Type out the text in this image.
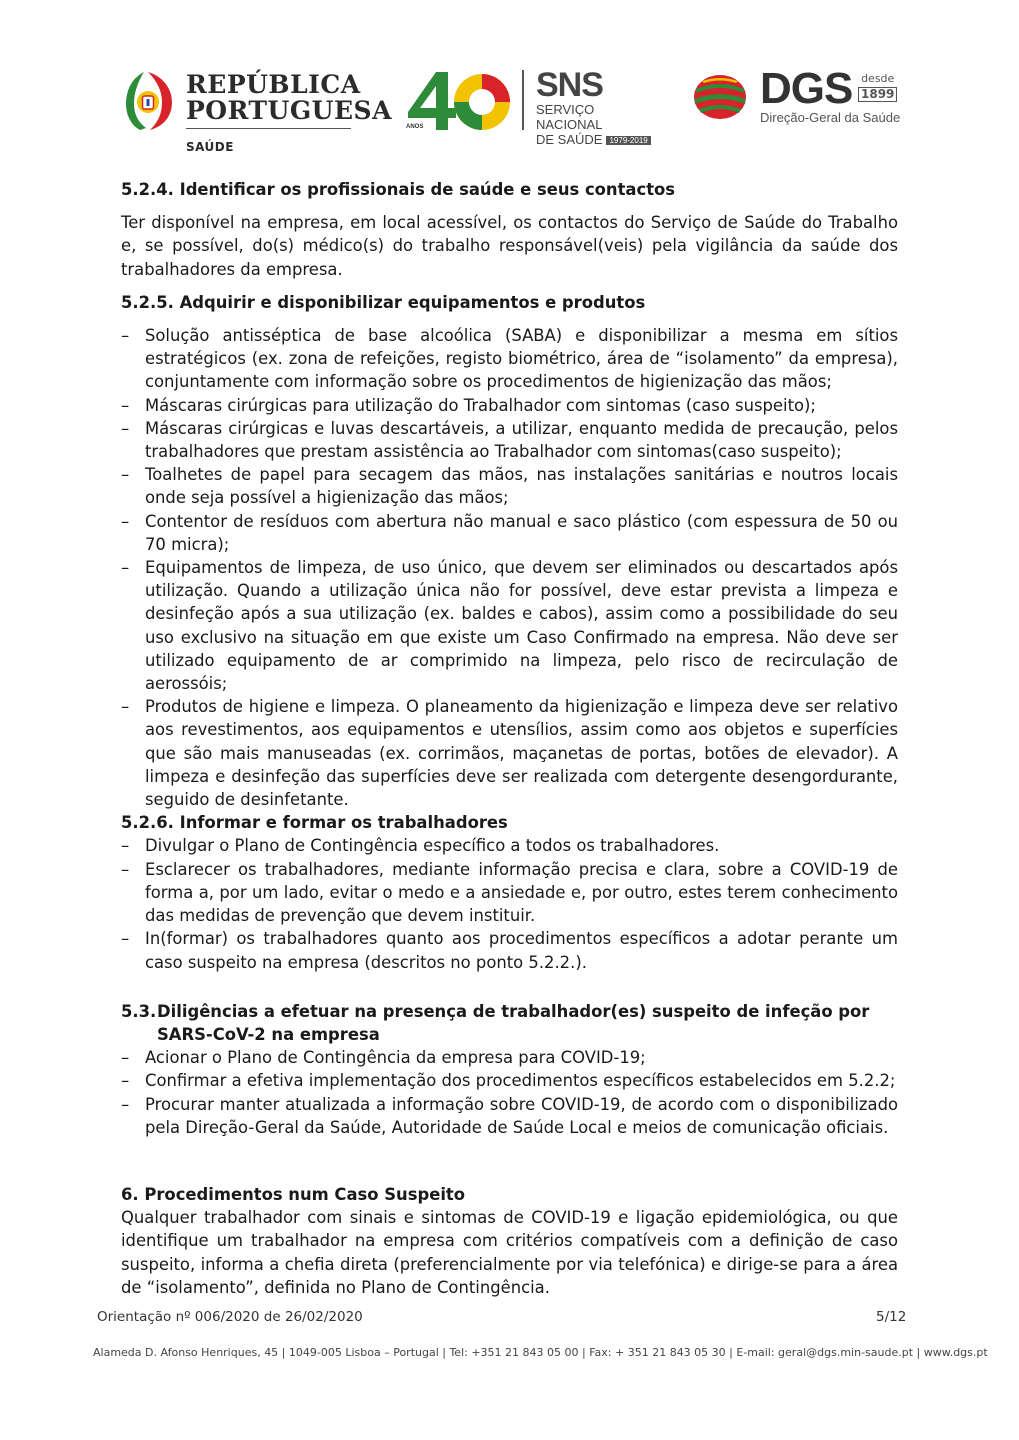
REPÚBLICA
PORTUGUESA
SAÚDE
ANOS
SNS
SERVIÇO NACIONAL
DE SAÚDE 1979-2019
DGS desde
1899
Direção-Geral da Saúde
5.2.4. Identificar os profissionais de saúde e seus contactos

Ter disponível na empresa, em local acessível, os contactos do Serviço de Saúde do Trabalho e, se possível, do(s) médico(s) do trabalho responsável(veis) pela vigilância da saúde dos trabalhadores da empresa.

5.2.5. Adquirir e disponibilizar equipamentos e produtos
– Solução antisséptica de base alcoólica (SABA) e disponibilizar a mesma em sítios estratégicos (ex. zona de refeições, registo biométrico, área de “isolamento” da empresa), conjuntamente com informação sobre os procedimentos de higienização das mãos;
– Máscaras cirúrgicas para utilização do Trabalhador com sintomas (caso suspeito);
– Máscaras cirúrgicas e luvas descartáveis, a utilizar, enquanto medida de precaução, pelos trabalhadores que prestam assistência ao Trabalhador com sintomas(caso suspeito);
– Toalhetes de papel para secagem das mãos, nas instalações sanitárias e noutros locais onde seja possível a higienização das mãos;
– Contentor de resíduos com abertura não manual e saco plástico (com espessura de 50 ou 70 micra);
– Equipamentos de limpeza, de uso único, que devem ser eliminados ou descartados após utilização. Quando a utilização única não for possível, deve estar prevista a limpeza e desinfeção após a sua utilização (ex. baldes e cabos), assim como a possibilidade do seu uso exclusivo na situação em que existe um Caso Confirmado na empresa. Não deve ser utilizado equipamento de ar comprimido na limpeza, pelo risco de recirculação de aerossóis;
– Produtos de higiene e limpeza. O planeamento da higienização e limpeza deve ser relativo aos revestimentos, aos equipamentos e utensílios, assim como aos objetos e superfícies que são mais manuseadas (ex. corrimãos, maçanetas de portas, botões de elevador). A limpeza e desinfeção das superfícies deve ser realizada com detergente desengordurante, seguido de desinfetante.
5.2.6. Informar e formar os trabalhadores
– Divulgar o Plano de Contingência específico a todos os trabalhadores.
– Esclarecer os trabalhadores, mediante informação precisa e clara, sobre a COVID-19 de forma a, por um lado, evitar o medo e a ansiedade e, por outro, estes terem conhecimento das medidas de prevenção que devem instituir.
– In(formar) os trabalhadores quanto aos procedimentos específicos a adotar perante um caso suspeito na empresa (descritos no ponto 5.2.2.).
5.3. Diligências a efetuar na presença de trabalhador(es) suspeito de infeção por SARS-CoV-2 na empresa
– Acionar o Plano de Contingência da empresa para COVID-19;
– Confirmar a efetiva implementação dos procedimentos específicos estabelecidos em 5.2.2;
– Procurar manter atualizada a informação sobre COVID-19, de acordo com o disponibilizado pela Direção-Geral da Saúde, Autoridade de Saúde Local e meios de comunicação oficiais.
6. Procedimentos num Caso Suspeito

Qualquer trabalhador com sinais e sintomas de COVID-19 e ligação epidemiológica, ou que identifique um trabalhador na empresa com critérios compatíveis com a definição de caso suspeito, informa a chefia direta (preferencialmente por via telefónica) e dirige-se para a área de “isolamento”, definida no Plano de Contingência.

Orientação nº 006/2020 de 26/02/2020	5/12
Alameda D. Afonso Henriques, 45 | 1049-005 Lisboa – Portugal | Tel: +351 21 843 05 00 | Fax: + 351 21 843 05 30 | E-mail: geral@dgs.min-saude.pt | www.dgs.pt
